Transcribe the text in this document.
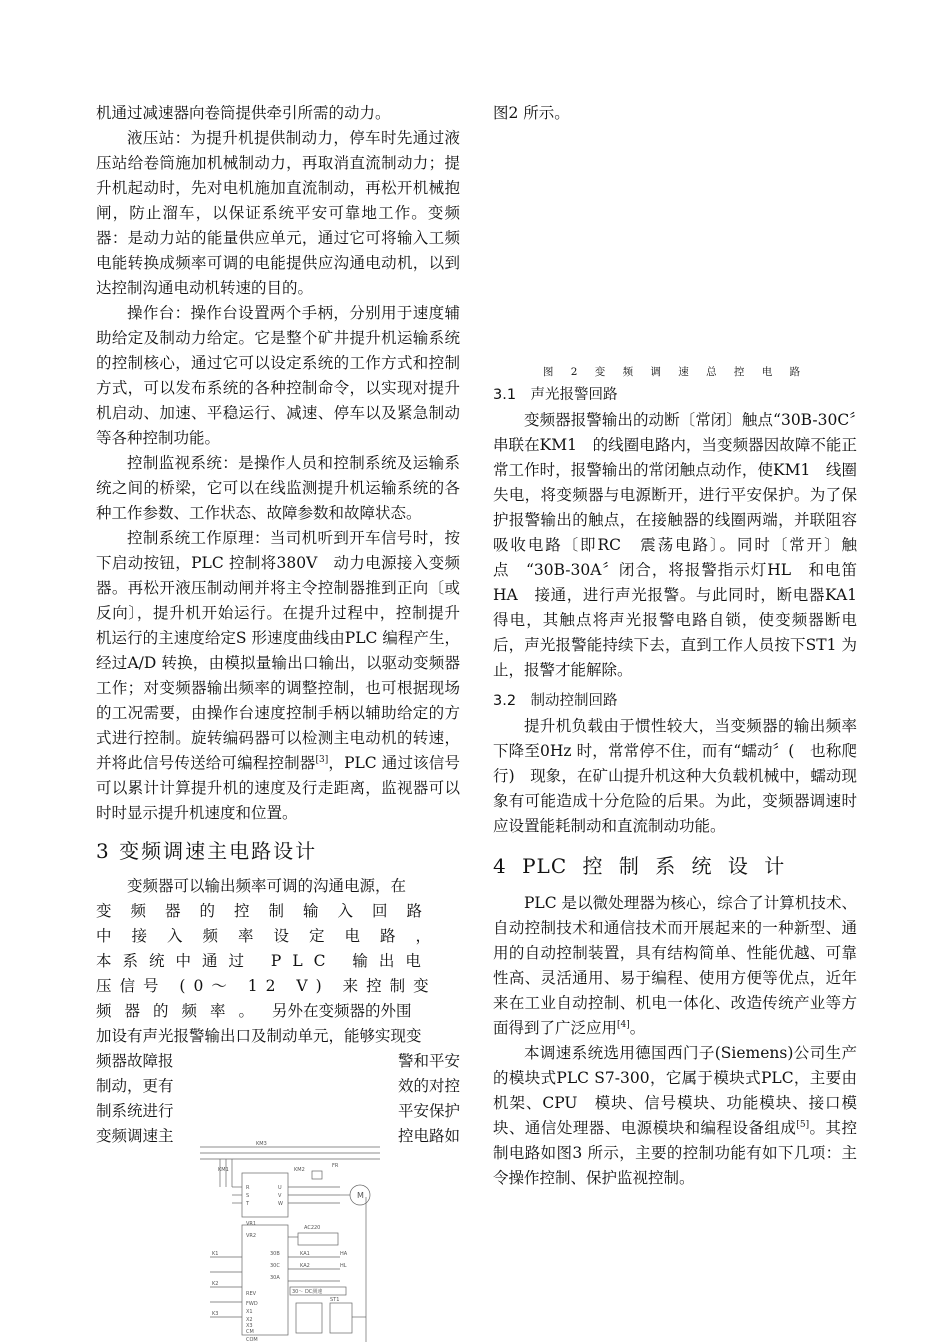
机通过减速器向卷筒提供牵引所需的动力。

液压站：为提升机提供制动力，停车时先通过液压站给卷筒施加机械制动力，再取消直流制动力；提升机起动时，先对电机施加直流制动，再松开机械抱闸，防止溜车，以保证系统平安可靠地工作。变频器：是动力站的能量供应单元，通过它可将输入工频电能转换成频率可调的电能提供应沟通电动机，以到达控制沟通电动机转速的目的。

操作台：操作台设置两个手柄，分别用于速度辅助给定及制动力给定。它是整个矿井提升机运输系统的控制核心，通过它可以设定系统的工作方式和控制方式，可以发布系统的各种控制命令，以实现对提升机启动、加速、平稳运行、减速、停车以及紧急制动等各种控制功能。

控制监视系统：是操作人员和控制系统及运输系统之间的桥梁，它可以在线监测提升机运输系统的各种工作参数、工作状态、故障参数和故障状态。

控制系统工作原理：当司机听到开车信号时，按下启动按钮，PLC 控制将380V　动力电源接入变频器。再松开液压制动闸并将主令控制器推到正向〔或反向〕，提升机开始运行。在提升过程中，控制提升机运行的主速度给定S 形速度曲线由PLC 编程产生，经过A/D 转换，由模拟量输出口输出，以驱动变频器工作；对变频器输出频率的调整控制，也可根据现场的工况需要，由操作台速度控制手柄以辅助给定的方式进行控制。旋转编码器可以检测主电动机的转速，并将此信号传送给可编程控制器[3]，PLC 通过该信号可以累计计算提升机的速度及行走距离，监视器可以时时显示提升机速度和位置。

3 变频调速主电路设计

变频器可以输出频率可调的沟通电源，在

变频器的控制输入回路

中接入频率设定电路，

本系统中通过 PLC 输出电

压信号 (0～ 12 V) 来控制变

频器的频率。 另外在变频器的外围

加设有声光报警输出口及制动单元，能够实现变

频器故障报	警和平安
制动，更有	效的对控
制系统进行	平安保护
变频调速主	控电路如

图2 所示。

图 2 变 频 调 速 总 控 电 路

3.1　声光报警回路

变频器报警输出的动断〔常闭〕触点“30B-30C〞串联在KM1　的线圈电路内，当变频器因故障不能正常工作时，报警输出的常闭触点动作，使KM1　线圈失电，将变频器与电源断开，进行平安保护。为了保护报警输出的触点，在接触器的线圈两端，并联阻容吸收电路〔即RC　震荡电路〕。同时〔常开〕触点　“30B-30A〞闭合，将报警指示灯HL　和电笛HA　接通，进行声光报警。与此同时，断电器KA1得电，其触点将声光报警电路自锁，使变频器断电后，声光报警能持续下去，直到工作人员按下ST1 为止，报警才能解除。

3.2　制动控制回路

提升机负载由于惯性较大，当变频器的输出频率下降至0Hz 时，常常停不住，而有“蠕动〞(　也称爬行)　现象，在矿山提升机这种大负载机械中，蠕动现象有可能造成十分危险的后果。为此，变频器调速时应设置能耗制动和直流制动功能。

4 PLC 控 制 系 统 设 计

PLC 是以微处理器为核心，综合了计算机技术、自动控制技术和通信技术而开展起来的一种新型、通用的自动控制装置，具有结构简单、性能优越、可靠性高、灵活通用、易于编程、使用方便等优点，近年来在工业自动控制、机电一体化、改造传统产业等方面得到了广泛应用[4]。

本调速系统选用德国西门子(Siemens)公司生产的模块式PLC S7-300，它属于模块式PLC，主要由机架、CPU　模块、信号模块、功能模块、接口模块、通信处理器、电源模块和编程设备组成[5]。其控制电路如图3 所示，主要的控制功能有如下几项：主令操作控制、保护监视控制。

KM3
KM1	KM2
FR
M
R
S
T
U
V
W
VR1
VR2
AC220
KA1
KA2
HA
HL
30B
30C
30A
FWD
REV
CM
COM
X1
X2
X3
K1
K2
K3
ST1
30～ DC测速
